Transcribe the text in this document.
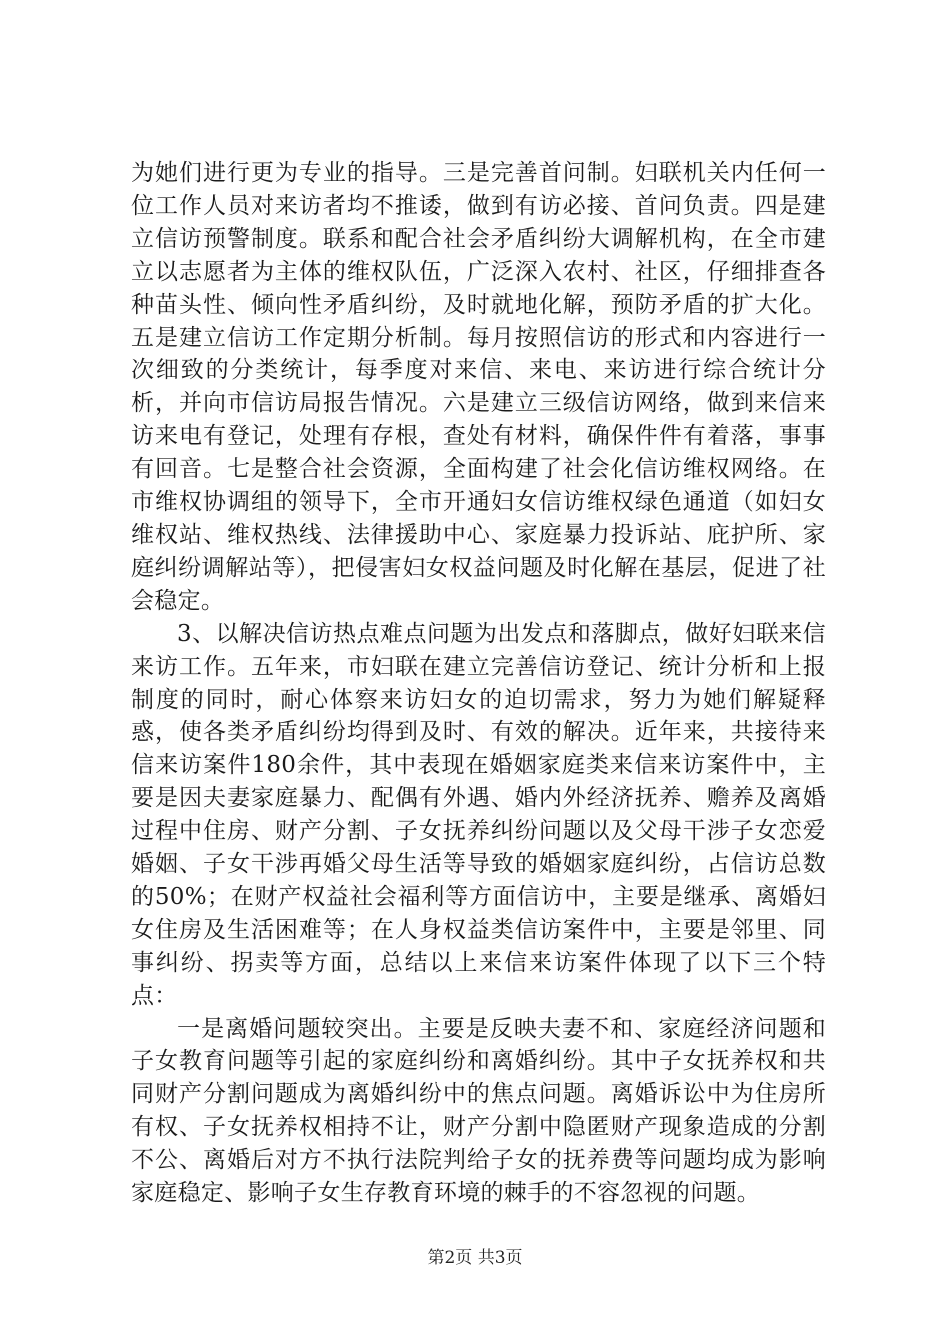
为她们进行更为专业的指导。三是完善首问制。妇联机关内任何一位工作人员对来访者均不推诿，做到有访必接、首问负责。四是建立信访预警制度。联系和配合社会矛盾纠纷大调解机构，在全市建立以志愿者为主体的维权队伍，广泛深入农村、社区，仔细排查各种苗头性、倾向性矛盾纠纷，及时就地化解，预防矛盾的扩大化。五是建立信访工作定期分析制。每月按照信访的形式和内容进行一次细致的分类统计，每季度对来信、来电、来访进行综合统计分析，并向市信访局报告情况。六是建立三级信访网络，做到来信来访来电有登记，处理有存根，查处有材料，确保件件有着落，事事有回音。七是整合社会资源，全面构建了社会化信访维权网络。在市维权协调组的领导下，全市开通妇女信访维权绿色通道（如妇女维权站、维权热线、法律援助中心、家庭暴力投诉站、庇护所、家庭纠纷调解站等），把侵害妇女权益问题及时化解在基层，促进了社会稳定。

3、以解决信访热点难点问题为出发点和落脚点，做好妇联来信来访工作。五年来，市妇联在建立完善信访登记、统计分析和上报制度的同时，耐心体察来访妇女的迫切需求，努力为她们解疑释惑，使各类矛盾纠纷均得到及时、有效的解决。近年来，共接待来信来访案件180余件，其中表现在婚姻家庭类来信来访案件中，主要是因夫妻家庭暴力、配偶有外遇、婚内外经济抚养、赡养及离婚过程中住房、财产分割、子女抚养纠纷问题以及父母干涉子女恋爱婚姻、子女干涉再婚父母生活等导致的婚姻家庭纠纷，占信访总数的50%；在财产权益社会福利等方面信访中，主要是继承、离婚妇女住房及生活困难等；在人身权益类信访案件中，主要是邻里、同事纠纷、拐卖等方面，总结以上来信来访案件体现了以下三个特点：

一是离婚问题较突出。主要是反映夫妻不和、家庭经济问题和子女教育问题等引起的家庭纠纷和离婚纠纷。其中子女抚养权和共同财产分割问题成为离婚纠纷中的焦点问题。离婚诉讼中为住房所有权、子女抚养权相持不让，财产分割中隐匿财产现象造成的分割不公、离婚后对方不执行法院判给子女的抚养费等问题均成为影响家庭稳定、影响子女生存教育环境的棘手的不容忽视的问题。

第2页 共3页
